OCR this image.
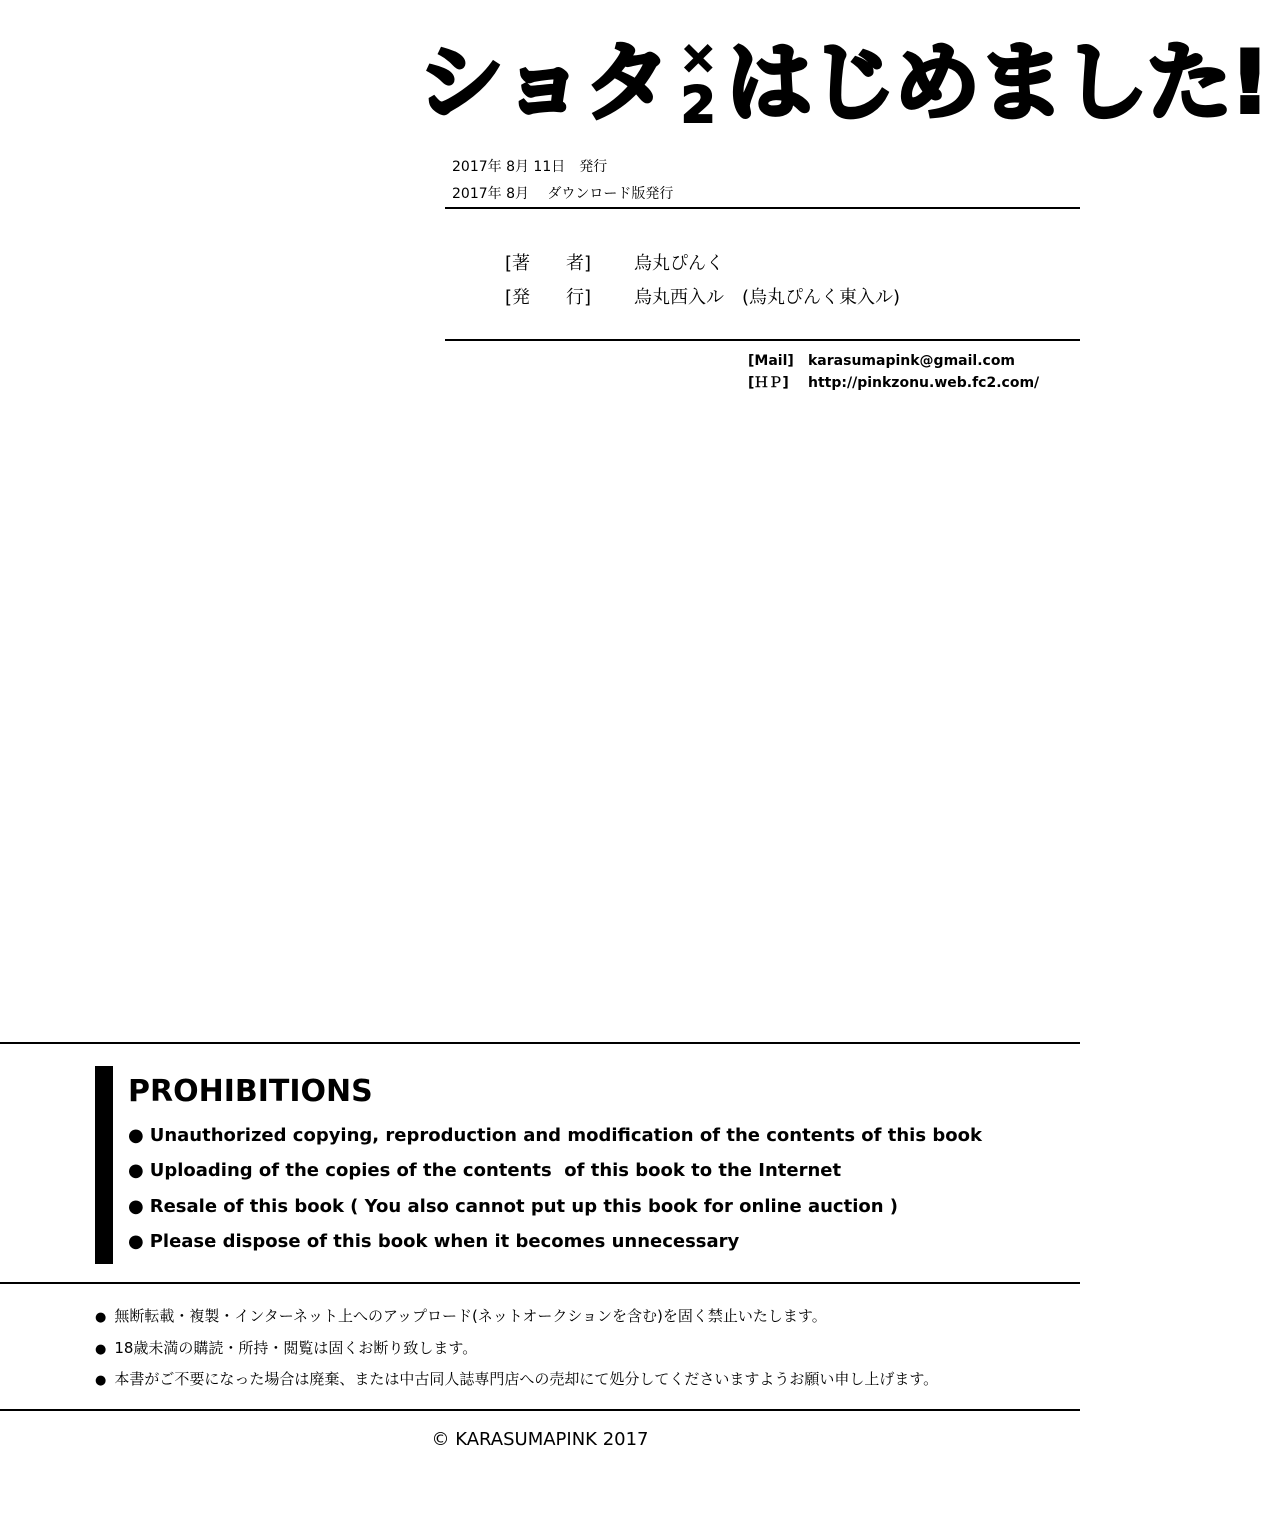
ショタ ×
2 はじめました!
2017年 8月 11日　発行
2017年 8月　 ダウンロード版発行
[著　　者] 烏丸ぴんく
[発　　行] 烏丸西入ル　(烏丸ぴんく東入ル)
[Mail] karasumapink@gmail.com
[ＨＰ] http://pinkzonu.web.fc2.com/
PROHIBITIONS
● Unauthorized copying, reproduction and modification of the contents of this book
● Uploading of the copies of the contents  of this book to the Internet
● Resale of this book ( You also cannot put up this book for online auction )
● Please dispose of this book when it becomes unnecessary
● 無断転載・複製・インターネット上へのアップロード(ネットオークションを含む)を固く禁止いたします。
● 18歳未満の購読・所持・閲覧は固くお断り致します。
● 本書がご不要になった場合は廃棄、または中古同人誌専門店への売却にて処分してくださいますようお願い申し上げます。
© KARASUMAPINK 2017
